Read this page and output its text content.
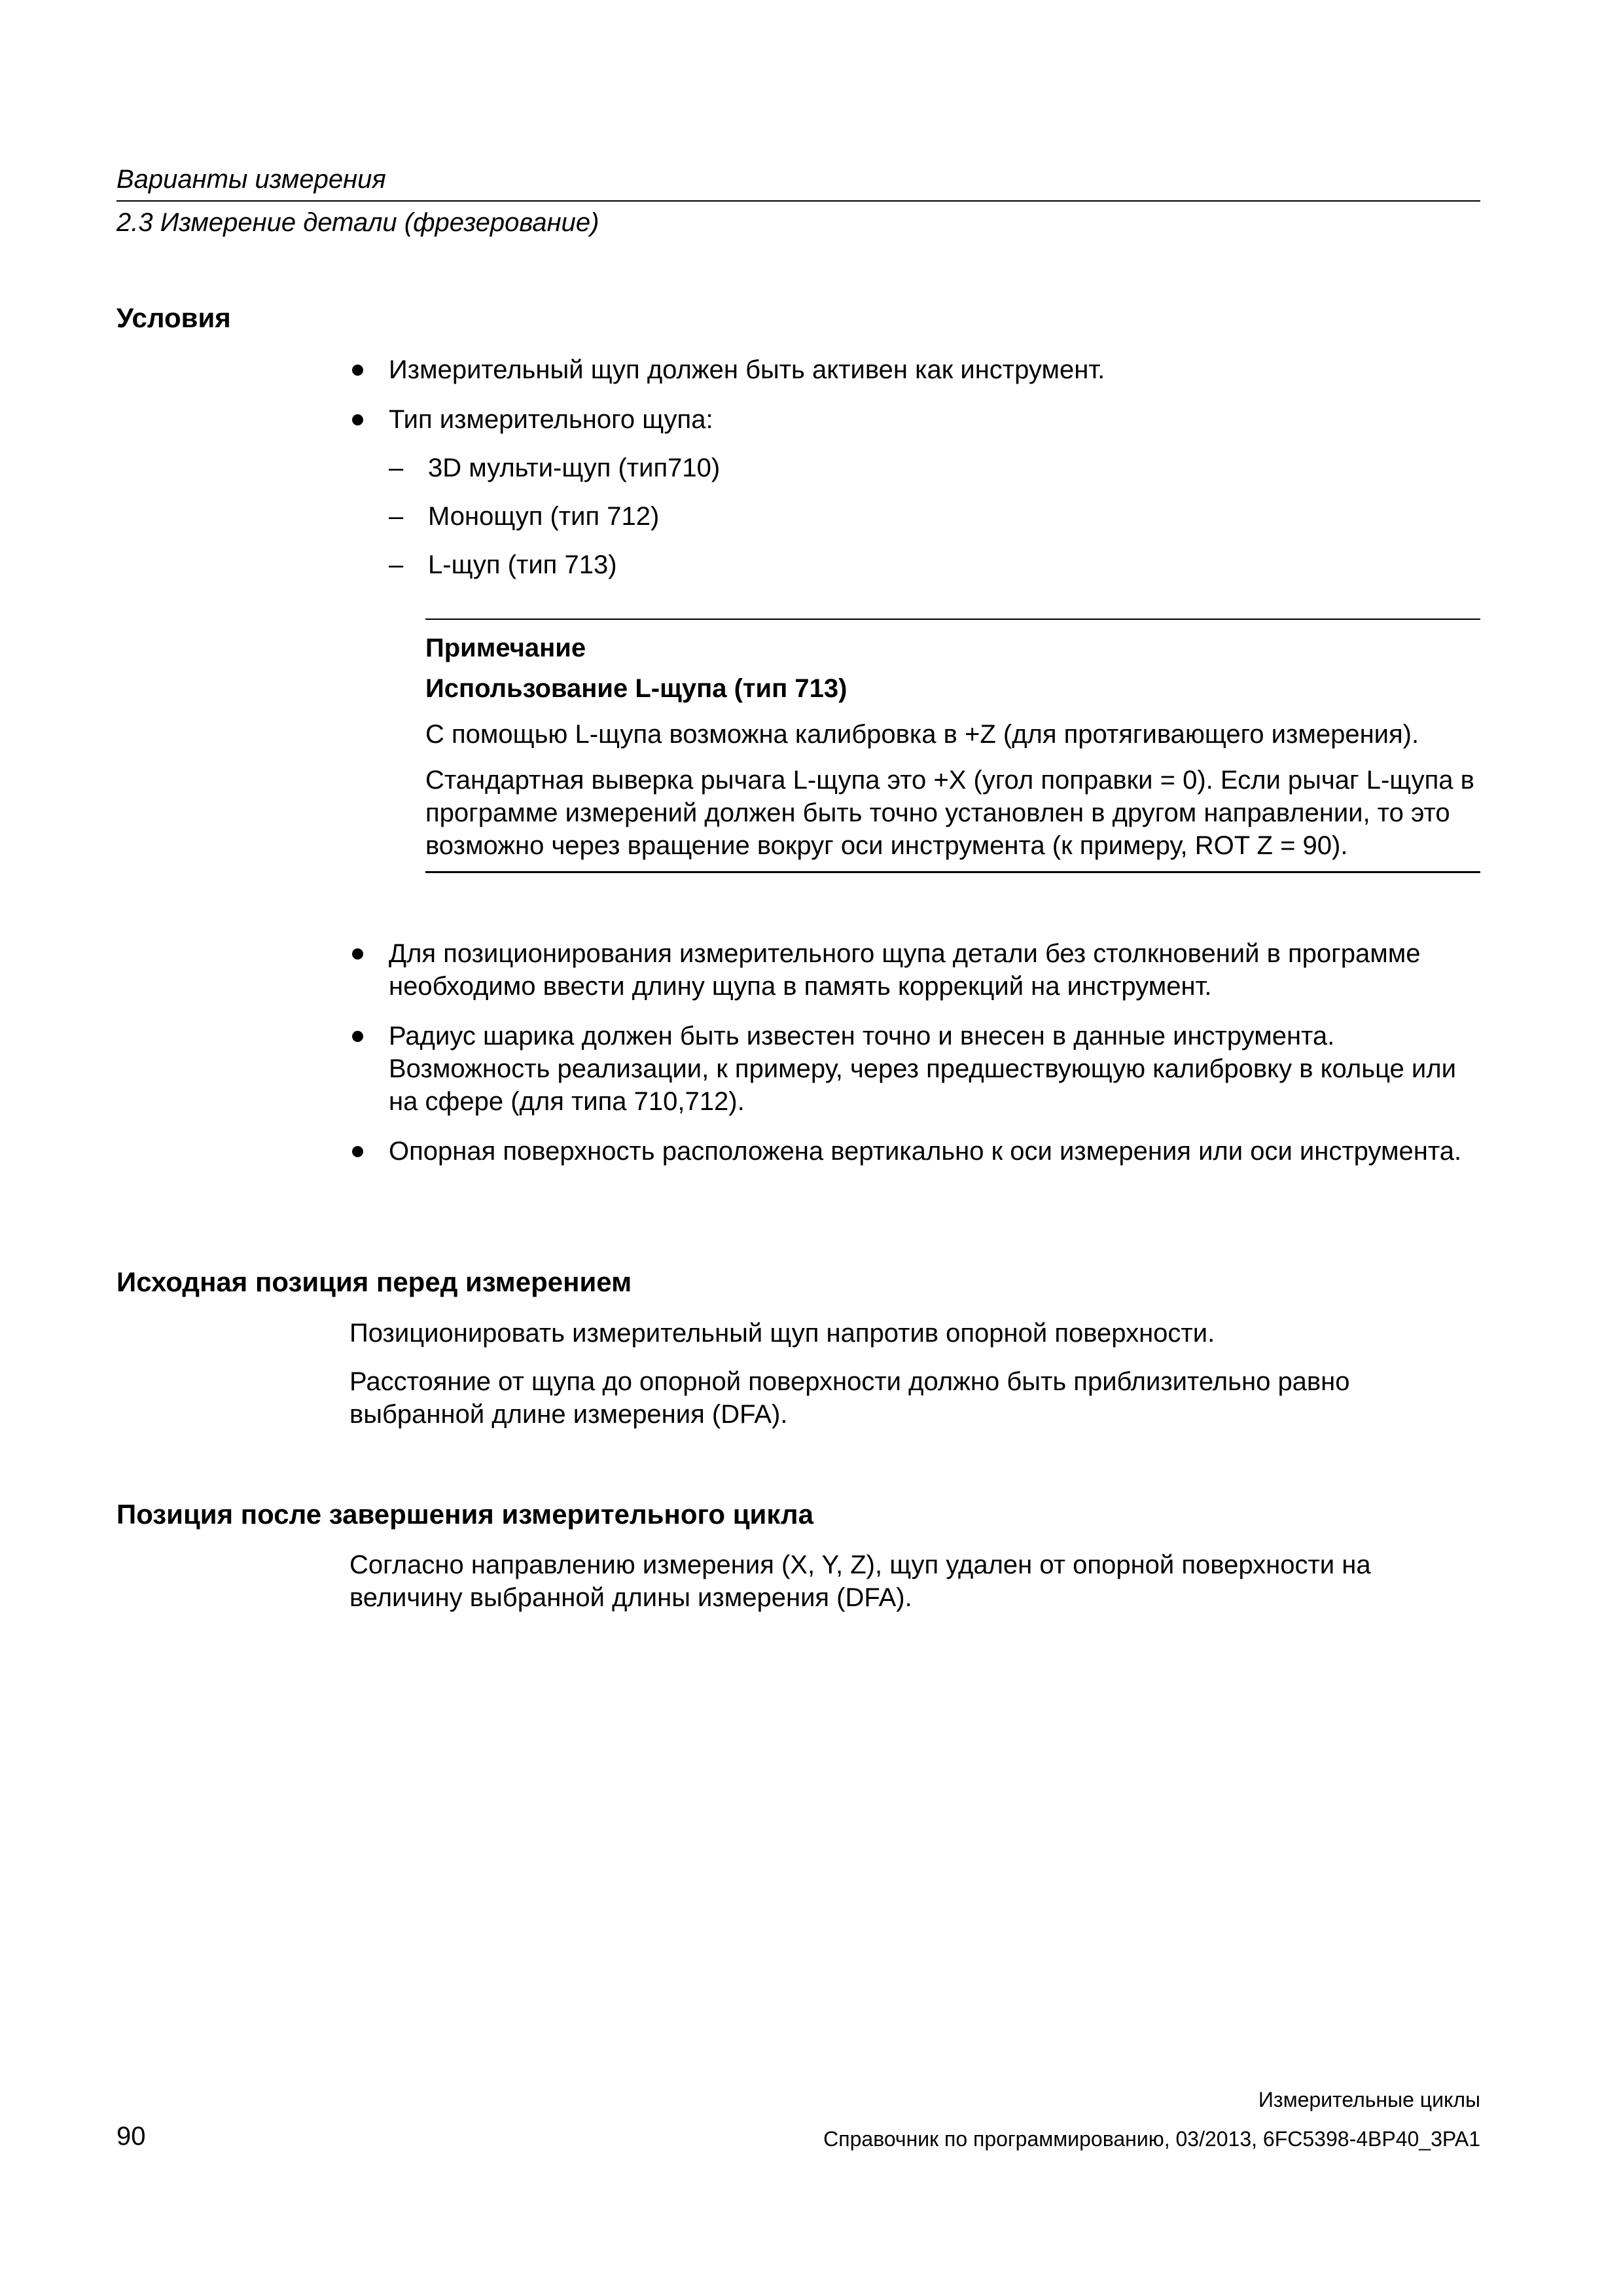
Варианты измерения
2.3 Измерение детали (фрезерование)
Условия
Измерительный щуп должен быть активен как инструмент.
Тип измерительного щупа:
– 3D мульти-щуп (тип710)
– Монощуп (тип 712)
– L-щуп (тип 713)
Примечание
Использование L-щупа (тип 713)

С помощью L-щупа возможна калибровка в +Z (для протягивающего измерения).

Стандартная выверка рычага L-щупа это +X (угол поправки = 0). Если рычаг L-щупа в программе измерений должен быть точно установлен в другом направлении, то это возможно через вращение вокруг оси инструмента (к примеру, ROT Z = 90).

Для позиционирования измерительного щупа детали без столкновений в программе необходимо ввести длину щупа в память коррекций на инструмент.
Радиус шарика должен быть известен точно и внесен в данные инструмента. Возможность реализации, к примеру, через предшествующую калибровку в кольце или на сфере (для типа 710,712).
Опорная поверхность расположена вертикально к оси измерения или оси инструмента.
Исходная позиция перед измерением

Позиционировать измерительный щуп напротив опорной поверхности.

Расстояние от щупа до опорной поверхности должно быть приблизительно равно выбранной длине измерения (DFA).

Позиция после завершения измерительного цикла

Согласно направлению измерения (X, Y, Z), щуп удален от опорной поверхности на величину выбранной длины измерения (DFA).

Измерительные циклы
90	Справочник по программированию, 03/2013, 6FC5398-4BP40_3PA1
